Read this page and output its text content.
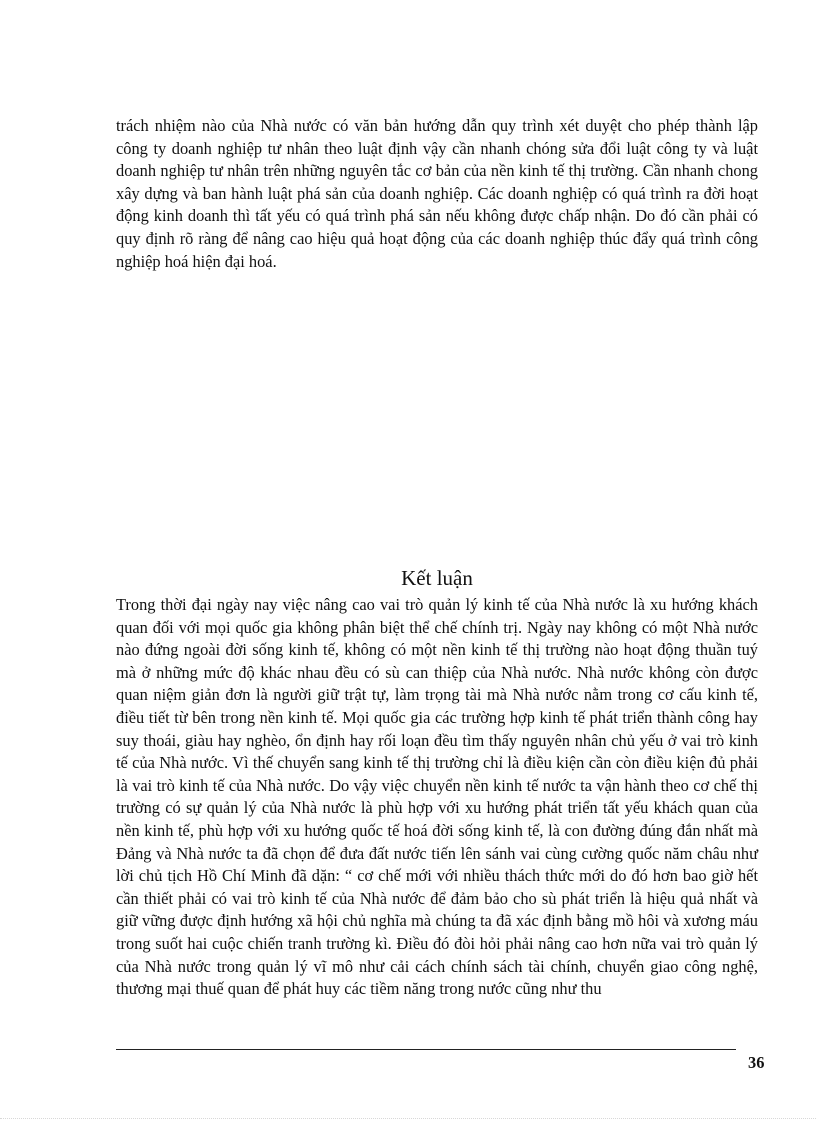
trách nhiệm nào của Nhà nước có văn bản hướng dẫn quy trình xét duyệt cho phép thành lập công ty doanh nghiệp tư nhân theo luật định vậy cần nhanh chóng sửa đổi luật công ty và luật doanh nghiệp tư nhân trên những nguyên tắc cơ bản của nền kinh tế thị trường. Cần nhanh chong xây dựng và ban hành luật phá sản của doanh nghiệp. Các doanh nghiệp có quá trình ra đời hoạt động kinh doanh thì tất yếu có quá trình phá sản nếu không được chấp nhận. Do đó cần phải có quy định rõ ràng để nâng cao hiệu quả hoạt động của các doanh nghiệp thúc đẩy quá trình công nghiệp hoá hiện đại hoá.

Kết luận

Trong thời đại ngày nay việc nâng cao vai trò quản lý kinh tế của Nhà nước là xu hướng khách quan đối với mọi quốc gia không phân biệt thể chế chính trị. Ngày nay không có một Nhà nước nào đứng ngoài đời sống kinh tế, không có một nền kinh tế thị trường nào hoạt động thuần tuý mà ở những mức độ khác nhau đều có sù can thiệp của Nhà nước. Nhà nước không còn được quan niệm giản đơn là người giữ trật tự, làm trọng tài mà Nhà nước nằm trong cơ cấu kinh tế, điều tiết từ bên trong nền kinh tế. Mọi quốc gia các trường hợp kinh tế phát triển thành công hay suy thoái, giàu hay nghèo, ổn định hay rối loạn đều tìm thấy nguyên nhân chủ yếu ở vai trò kinh tế của Nhà nước. Vì thế chuyển sang kinh tế thị trường chỉ là điều kiện cần còn điều kiện đủ phải là vai trò kinh tế của Nhà nước. Do vậy việc chuyển nền kinh tế nước ta vận hành theo cơ chế thị trường có sự quản lý của Nhà nước là phù hợp với xu hướng phát triển tất yếu khách quan của nền kinh tế, phù hợp với xu hướng quốc tế hoá đời sống kinh tế, là con đường đúng đắn nhất mà Đảng và Nhà nước ta đã chọn để đưa đất nước tiến lên sánh vai cùng cường quốc năm châu như lời chủ tịch Hồ Chí Minh đã dặn: “ cơ chế mới với nhiều thách thức mới do đó hơn bao giờ hết cần thiết phải có vai trò kinh tế của Nhà nước để đảm bảo cho sù phát triển là hiệu quả nhất và giữ vững được định hướng xã hội chủ nghĩa mà chúng ta đã xác định bằng mồ hôi và xương máu trong suốt hai cuộc chiến tranh trường kì. Điều đó đòi hỏi phải nâng cao hơn nữa vai trò quản lý của Nhà nước trong quản lý vĩ mô như cải cách chính sách tài chính, chuyển giao công nghệ, thương mại thuế quan để phát huy các tiềm năng trong nước cũng như thu

36
